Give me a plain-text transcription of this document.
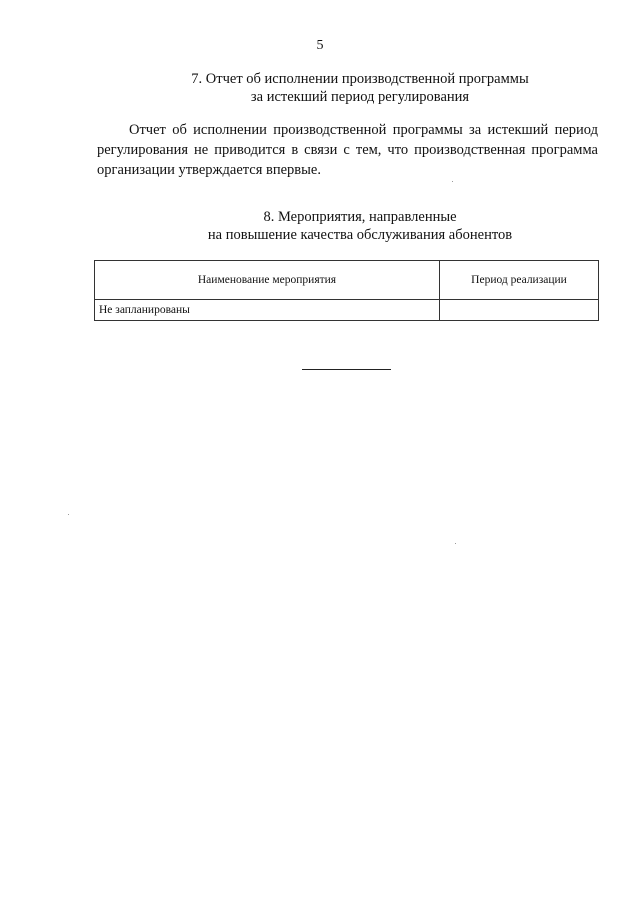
5
7. Отчет об исполнении производственной программы
за истекший период регулирования
Отчет об исполнении производственной программы за истекший период регулирования не приводится в связи с тем, что производственная программа организации утверждается впервые.
8. Мероприятия, направленные
на повышение качества обслуживания абонентов
Наименование мероприятия	Период реализации
Не запланированы	
